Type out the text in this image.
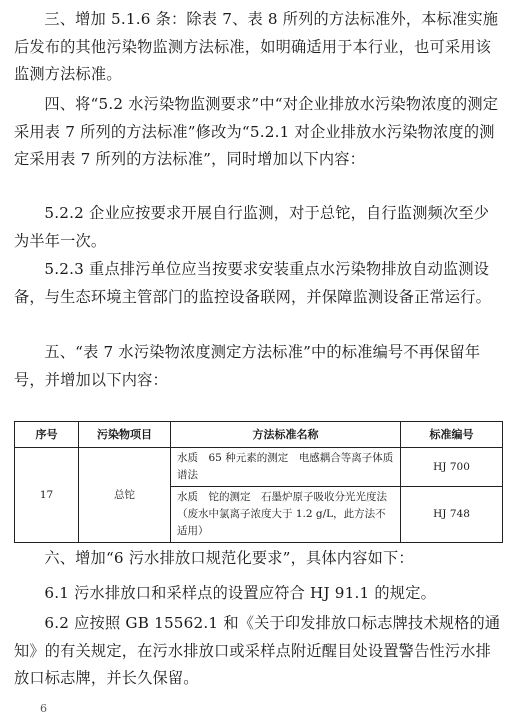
三、增加 5.1.6 条：除表 7、表 8 所列的方法标准外，本标准实施后发布的其他污染物监测方法标准，如明确适用于本行业，也可采用该监测方法标准。

四、将“5.2 水污染物监测要求”中“对企业排放水污染物浓度的测定采用表 7 所列的方法标准”修改为“5.2.1 对企业排放水污染物浓度的测定采用表 7 所列的方法标准”，同时增加以下内容：

5.2.2 企业应按要求开展自行监测，对于总铊，自行监测频次至少为半年一次。

5.2.3 重点排污单位应当按要求安装重点水污染物排放自动监测设备，与生态环境主管部门的监控设备联网，并保障监测设备正常运行。

五、“表 7 水污染物浓度测定方法标准”中的标准编号不再保留年号，并增加以下内容：

序号	污染物项目	方法标准名称	标准编号
17	总铊	水质　65 种元素的测定　电感耦合等离子体质谱法	HJ 700
		水质　铊的测定　石墨炉原子吸收分光光度法（废水中氯离子浓度大于 1.2 g/L，此方法不适用）	HJ 748

六、增加“6 污水排放口规范化要求”，具体内容如下：

6.1 污水排放口和采样点的设置应符合 HJ 91.1 的规定。

6.2 应按照 GB 15562.1 和《关于印发排放口标志牌技术规格的通知》的有关规定，在污水排放口或采样点附近醒目处设置警告性污水排放口标志牌，并长久保留。

6
